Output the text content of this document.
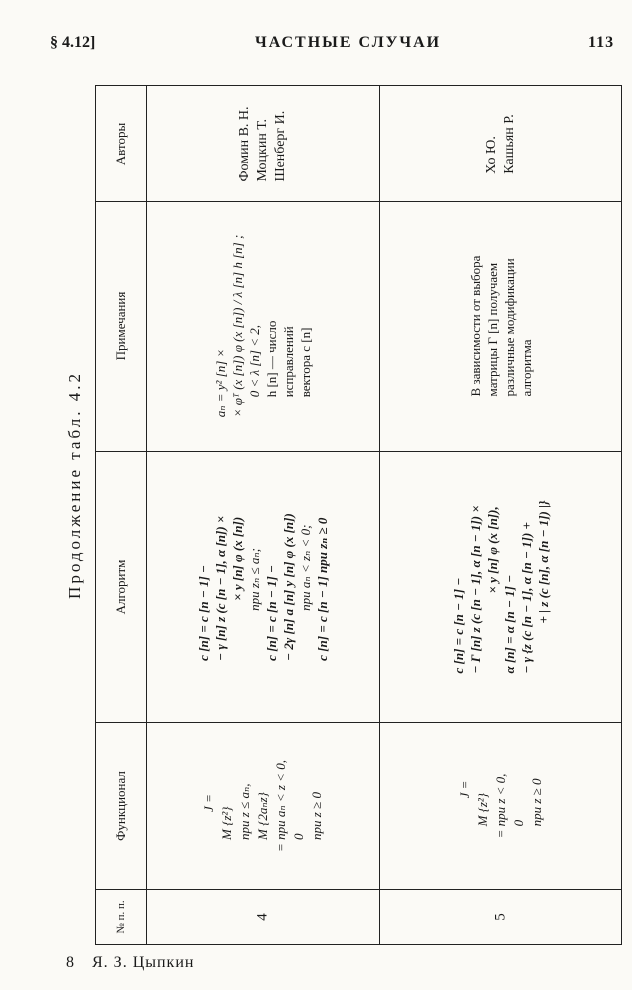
§ 4.12]	ЧАСТНЫЕ СЛУЧАИ	113
Продолжение табл. 4.2
Авторы
Примечания
Алгоритм
Функционал
№ п. п.
Фомин В. Н. Моцкин Т. Шенберг И.
aₙ = y² [n] × × φᵀ (x [n]) φ (x [n]) / λ [n] h [n] ; 0 < λ [n] < 2, h [n] — число исправлений вектора c [n]
c [n] = c [n − 1] − − γ [n] z (c [n − 1], α [n]) × × y [n] φ (x [n]) при zₙ ≤ aₙ; c [n] = c [n − 1] − − 2γ [n] a [n] y [n] φ (x [n]) при aₙ < zₙ < 0; c [n] = c [n − 1] при zₙ ≥ 0
J =
M {z²} при z ≤ aₙ, M {2aₙz} = при aₙ < z < 0, 0 при z ≥ 0
4
Хо Ю. Кашьян Р.
В зависимости от выбора матрицы Γ [n] получаем различные модификации алгоритма
c [n] = c [n − 1] − − Γ [n] z (c [n − 1], α [n − 1]) × × y [n] φ (x [n]),
α [n] = α [n − 1] − − γ {z (c [n − 1], α [n − 1]) + + | z (c [n], α [n − 1]) |}
J =
M {z²} = при z < 0, 0 при z ≥ 0
5
8 Я. З. Цыпкин
